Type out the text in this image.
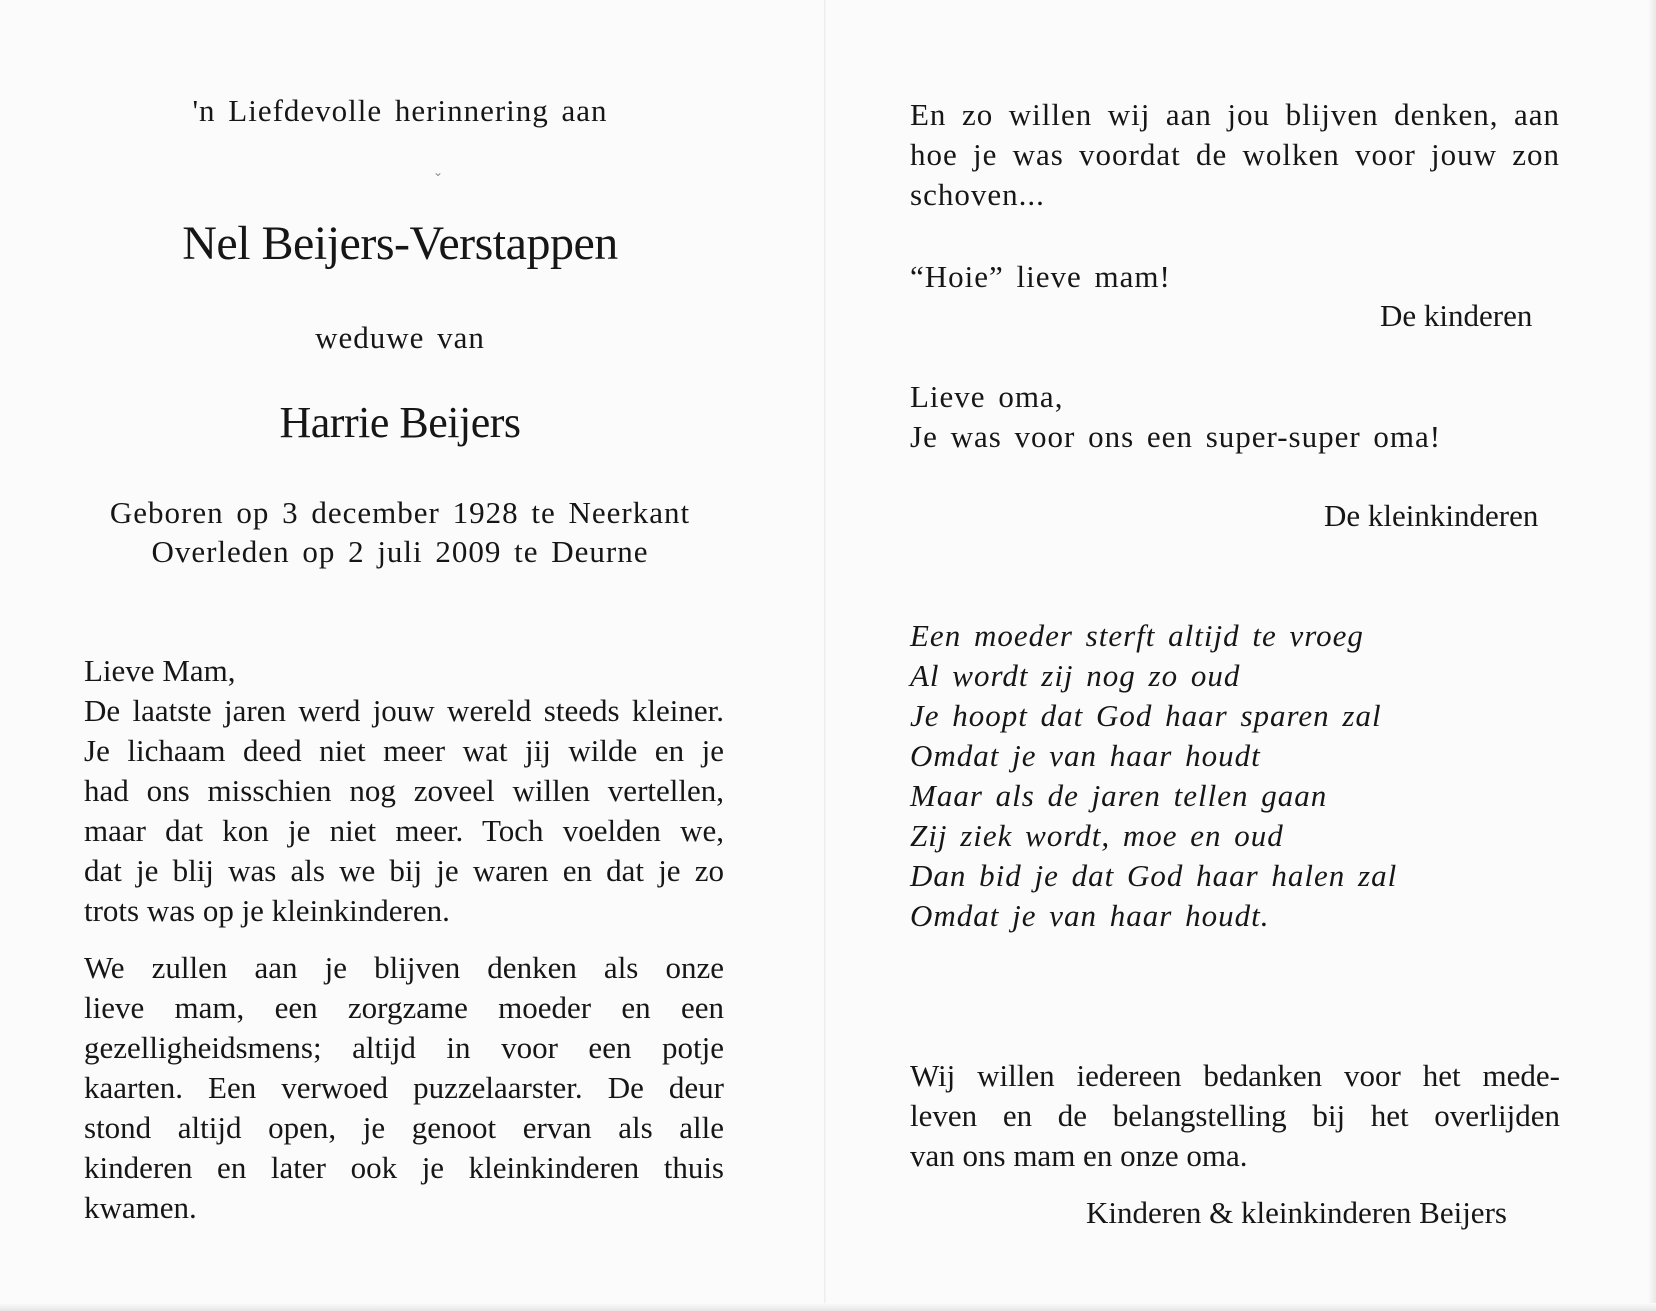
'n Liefdevolle herinnering aan
⌄
Nel Beijers-Verstappen
weduwe van
Harrie Beijers
Geboren op 3 december 1928 te Neerkant
Overleden op 2 juli 2009 te Deurne
Lieve Mam,
De laatste jaren werd jouw wereld steeds kleiner.
Je lichaam deed niet meer wat jij wilde en je
had ons misschien nog zoveel willen vertellen,
maar dat kon je niet meer. Toch voelden we,
dat je blij was als we bij je waren en dat je zo
trots was op je kleinkinderen.
We zullen aan je blijven denken als onze
lieve mam, een zorgzame moeder en een
gezelligheidsmens; altijd in voor een potje
kaarten. Een verwoed puzzelaarster. De deur
stond altijd open, je genoot ervan als alle
kinderen en later ook je kleinkinderen thuis
kwamen.
En zo willen wij aan jou blijven denken, aan
hoe je was voordat de wolken voor jouw zon
schoven...
“Hoie” lieve mam!
De kinderen
Lieve oma,
Je was voor ons een super-super oma!
De kleinkinderen
Een moeder sterft altijd te vroeg
Al wordt zij nog zo oud
Je hoopt dat God haar sparen zal
Omdat je van haar houdt
Maar als de jaren tellen gaan
Zij ziek wordt, moe en oud
Dan bid je dat God haar halen zal
Omdat je van haar houdt.
Wij willen iedereen bedanken voor het mede-
leven en de belangstelling bij het overlijden
van ons mam en onze oma.
Kinderen & kleinkinderen Beijers
